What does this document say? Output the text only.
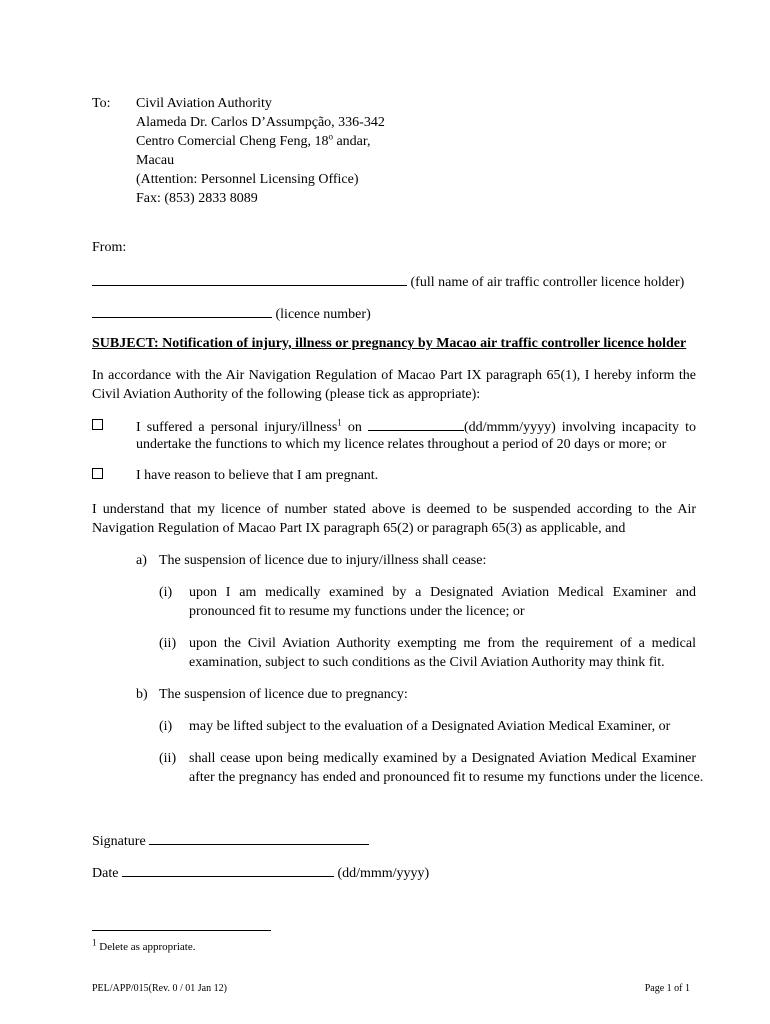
To: Civil Aviation Authority
Alameda Dr. Carlos D’Assumpção, 336-342
Centro Comercial Cheng Feng, 18$^o$ andar,
Macau
(Attention: Personnel Licensing Office)
Fax: (853) 2833 8089
From:
(full name of air traffic controller licence holder)
(licence number)
SUBJECT: Notification of injury, illness or pregnancy by Macao air traffic controller licence holder
In accordance with the Air Navigation Regulation of Macao Part IX paragraph 65(1), I hereby inform the
Civil Aviation Authority of the following (please tick as appropriate):
I suffered a personal injury/illness$^1$ on	(dd/mmm/yyyy) involving incapacity to
undertake the functions to which my licence relates throughout a period of 20 days or more; or
I have reason to believe that I am pregnant.
I understand that my licence of number stated above is deemed to be suspended according to the Air
Navigation Regulation of Macao Part IX paragraph 65(2) or paragraph 65(3) as applicable, and
a) The suspension of licence due to injury/illness shall cease:
(i) upon I am medically examined by a Designated Aviation Medical Examiner and
pronounced fit to resume my functions under the licence; or
(ii) upon the Civil Aviation Authority exempting me from the requirement of a medical
examination, subject to such conditions as the Civil Aviation Authority may think fit.
b) The suspension of licence due to pregnancy:
(i) may be lifted subject to the evaluation of a Designated Aviation Medical Examiner, or
(ii) shall cease upon being medically examined by a Designated Aviation Medical Examiner
after the pregnancy has ended and pronounced fit to resume my functions under the licence.
Signature
Date	(dd/mmm/yyyy)
$^1$ Delete as appropriate.
PEL/APP/015(Rev. 0 / 01 Jan 12)	Page 1 of 1
